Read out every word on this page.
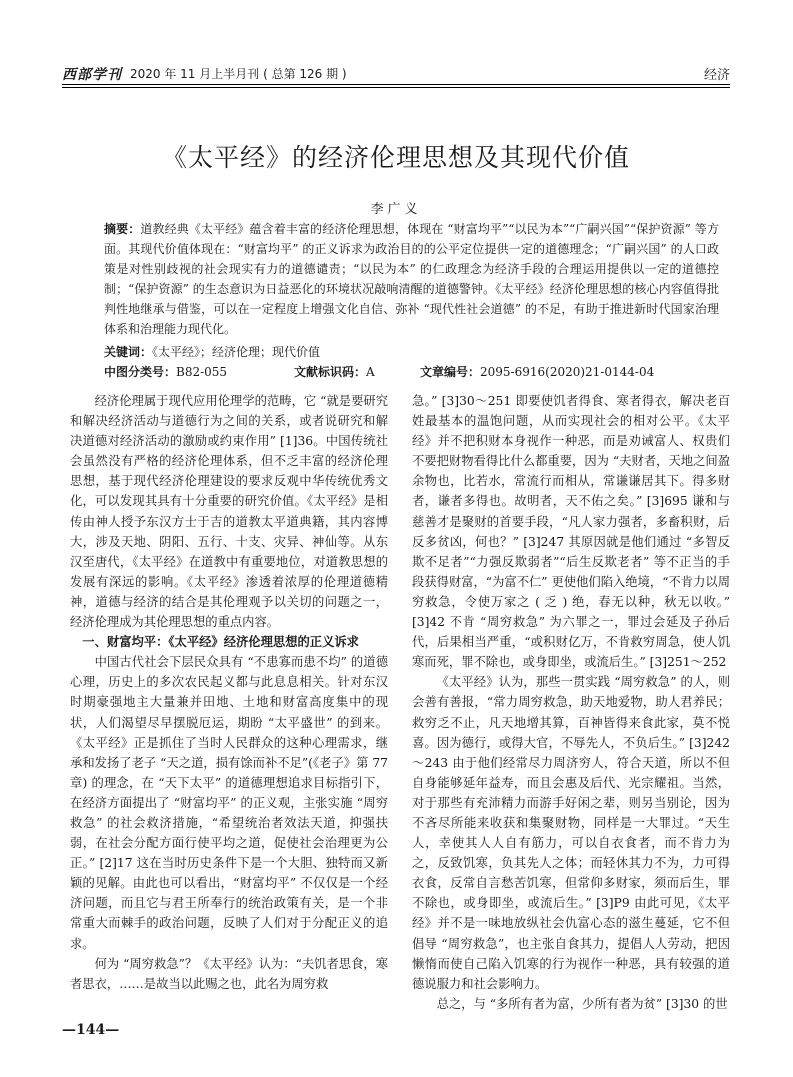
西部学刊 2020 年 11 月上半月刊 ( 总第 126 期 )	经济
《太平经》的经济伦理思想及其现代价值
李广义
摘要：道教经典《太平经》蕴含着丰富的经济伦理思想，体现在 “财富均平”“以民为本”“广嗣兴国”“保护资源” 等方面。其现代价值体现在：“财富均平” 的正义诉求为政治目的的公平定位提供一定的道德理念；“广嗣兴国” 的人口政策是对性别歧视的社会现实有力的道德谴责；“以民为本” 的仁政理念为经济手段的合理运用提供以一定的道德控制；“保护资源” 的生态意识为日益恶化的环境状况敲响清醒的道德警钟。《太平经》经济伦理思想的核心内容值得批判性地继承与借鉴，可以在一定程度上增强文化自信、弥补 “现代性社会道德” 的不足，有助于推进新时代国家治理体系和治理能力现代化。
关键词：《太平经》；经济伦理；现代价值
中图分类号：B82-055	文献标识码：A	文章编号：2095-6916(2020)21-0144-04

经济伦理属于现代应用伦理学的范畴，它 “就是要研究和解决经济活动与道德行为之间的关系，或者说研究和解决道德对经济活动的激励或约束作用” [1]36。中国传统社会虽然没有严格的经济伦理体系，但不乏丰富的经济伦理思想，基于现代经济伦理建设的要求反观中华传统优秀文化，可以发现其具有十分重要的研究价值。《太平经》是相传由神人授予东汉方士于吉的道教太平道典籍，其内容博大，涉及天地、阴阳、五行、十支、灾异、神仙等。从东汉至唐代，《太平经》在道教中有重要地位，对道教思想的发展有深远的影响。《太平经》渗透着浓厚的伦理道德精神，道德与经济的结合是其伦理观予以关切的问题之一，经济伦理成为其伦理思想的重点内容。

一、财富均平：《太平经》经济伦理思想的正义诉求

中国古代社会下层民众具有 “不患寡而患不均” 的道德心理，历史上的多次农民起义都与此息息相关。针对东汉时期豪强地主大量兼并田地、土地和财富高度集中的现状，人们渴望尽早摆脱厄运，期盼 “太平盛世” 的到来。《太平经》正是抓住了当时人民群众的这种心理需求，继承和发扬了老子 “天之道，损有馀而补不足”(《老子》第 77 章) 的理念，在 “天下太平” 的道德理想追求目标指引下，在经济方面提出了 “财富均平” 的正义观，主张实施 “周穷救急” 的社会救济措施，“希望统治者效法天道，抑强扶弱，在社会分配方面行使平均之道，促使社会治理更为公正。” [2]17 这在当时历史条件下是一个大胆、独特而又新颖的见解。由此也可以看出，“财富均平” 不仅仅是一个经济问题，而且它与君王所奉行的统治政策有关，是一个非常重大而棘手的政治问题，反映了人们对于分配正义的追求。

何为 “周穷救急”？《太平经》认为：“夫饥者思食，寒者思衣，……是故当以此赐之也，此名为周穷救

急。” [3]30～251 即要使饥者得食、寒者得衣，解决老百姓最基本的温饱问题，从而实现社会的相对公平。《太平经》并不把积财本身视作一种恶，而是劝诫富人、权贵们不要把财物看得比什么都重要，因为 “夫财者，天地之间盈余物也，比若水，常流行而相从，常谦谦居其下。得多财者，谦者多得也。故明者，天不佑之矣。” [3]695 谦和与慈善才是聚财的首要手段，“凡人家力强者，多畜积财，后反多贫凶，何也？” [3]247 其原因就是他们通过 “多智反欺不足者”“力强反欺弱者”“后生反欺老者” 等不正当的手段获得财富，“为富不仁” 更使他们陷入绝境，“不肯力以周穷救急，令使万家之 ( 乏 ) 绝，春无以种，秋无以收。” [3]42 不肯 “周穷救急” 为六罪之一，罪过会延及子孙后代，后果相当严重，“或积财亿万，不肯救穷周急，使人饥寒而死，罪不除也，或身即坐，或流后生。” [3]251～252

《太平经》认为，那些一贯实践 “周穷救急” 的人，则会善有善报，“常力周穷救急，助天地爱物，助人君养民；救穷乏不止，凡天地增其算，百神皆得来食此家，莫不悦喜。因为德行，或得大官，不辱先人，不负后生。” [3]242～243 由于他们经常尽力周济穷人，符合天道，所以不但自身能够延年益寿，而且会惠及后代、光宗耀祖。当然，对于那些有充沛精力而游手好闲之辈，则另当别论，因为不吝尽所能来收获和集聚财物，同样是一大罪过。“天生人，幸使其人人自有筋力，可以自衣食者，而不肯力为之，反致饥寒，负其先人之体；而轻休其力不为，力可得衣食，反常自言愁苦饥寒，但常仰多财家，须而后生，罪不除也，或身即坐，或流后生。” [3]P9 由此可见，《太平经》并不是一味地放纵社会仇富心态的滋生蔓延，它不但倡导 “周穷救急”，也主张自食其力，提倡人人劳动，把因懒惰而使自己陷入饥寒的行为视作一种恶，具有较强的道德说服力和社会影响力。

总之，与 “多所有者为富，少所有者为贫” [3]30 的世

—144—
